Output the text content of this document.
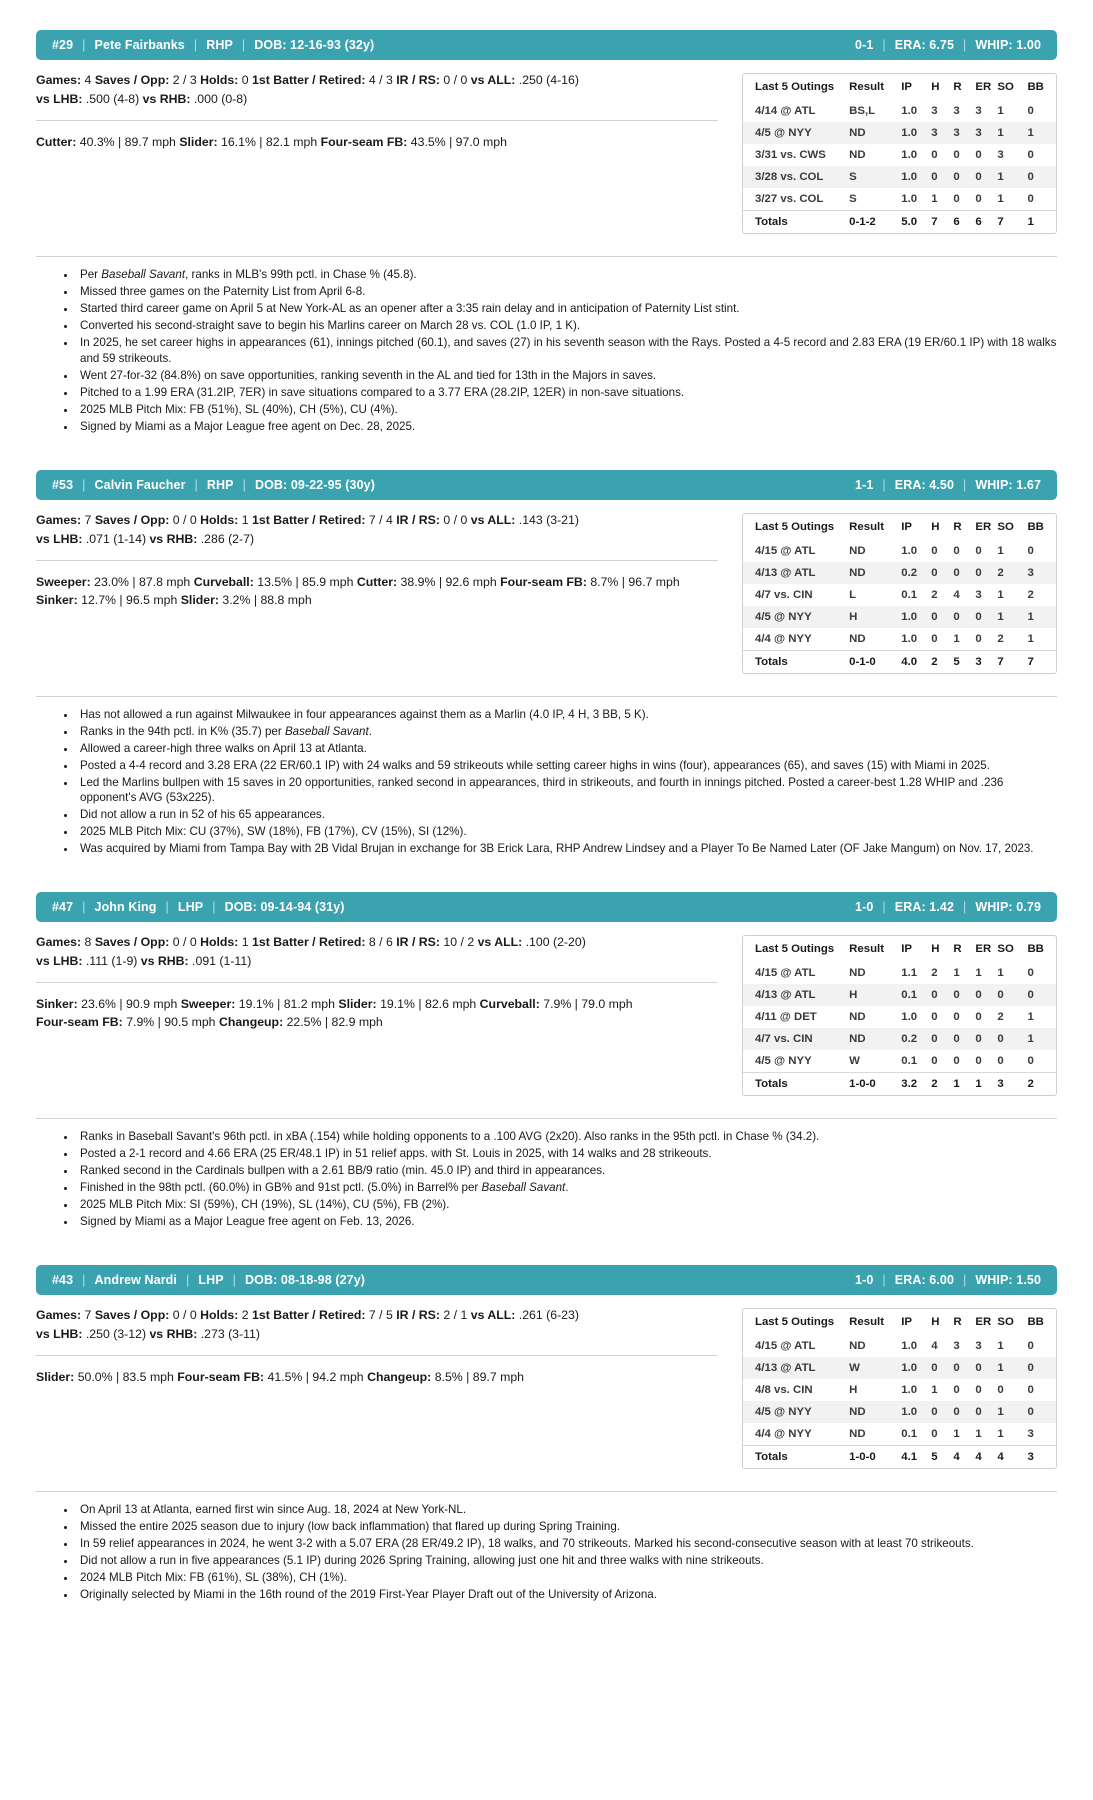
#29 | Pete Fairbanks | RHP | DOB: 12-16-93 (32y)	0-1 | ERA: 6.75 | WHIP: 1.00
Games: 4 Saves / Opp: 2 / 3 Holds: 0 1st Batter / Retired: 4 / 3 IR / RS: 0 / 0 vs ALL: .250 (4-16)
vs LHB: .500 (4-8) vs RHB: .000 (0-8)
Cutter: 40.3% | 89.7 mph Slider: 16.1% | 82.1 mph Four-seam FB: 43.5% | 97.0 mph
Last 5 Outings	Result	IP	H	R	ER	SO	BB
4/14 @ ATL	BS,L	1.0	3	3	3	1	0
4/5 @ NYY	ND	1.0	3	3	3	1	1
3/31 vs. CWS	ND	1.0	0	0	0	3	0
3/28 vs. COL	S	1.0	0	0	0	1	0
3/27 vs. COL	S	1.0	1	0	0	1	0
Totals	0-1-2	5.0	7	6	6	7	1
• Per Baseball Savant, ranks in MLB's 99th pctl. in Chase % (45.8).
• Missed three games on the Paternity List from April 6-8.
• Started third career game on April 5 at New York-AL as an opener after a 3:35 rain delay and in anticipation of Paternity List stint.
• Converted his second-straight save to begin his Marlins career on March 28 vs. COL (1.0 IP, 1 K).
• In 2025, he set career highs in appearances (61), innings pitched (60.1), and saves (27) in his seventh season with the Rays. Posted a 4-5 record and 2.83 ERA (19 ER/60.1 IP) with 18 walks and 59 strikeouts.
• Went 27-for-32 (84.8%) on save opportunities, ranking seventh in the AL and tied for 13th in the Majors in saves.
• Pitched to a 1.99 ERA (31.2IP, 7ER) in save situations compared to a 3.77 ERA (28.2IP, 12ER) in non-save situations.
• 2025 MLB Pitch Mix: FB (51%), SL (40%), CH (5%), CU (4%).
• Signed by Miami as a Major League free agent on Dec. 28, 2025.
#53 | Calvin Faucher | RHP | DOB: 09-22-95 (30y)	1-1 | ERA: 4.50 | WHIP: 1.67
Games: 7 Saves / Opp: 0 / 0 Holds: 1 1st Batter / Retired: 7 / 4 IR / RS: 0 / 0 vs ALL: .143 (3-21)
vs LHB: .071 (1-14) vs RHB: .286 (2-7)
Sweeper: 23.0% | 87.8 mph Curveball: 13.5% | 85.9 mph Cutter: 38.9% | 92.6 mph Four-seam FB: 8.7% | 96.7 mph
Sinker: 12.7% | 96.5 mph Slider: 3.2% | 88.8 mph
Last 5 Outings	Result	IP	H	R	ER	SO	BB
4/15 @ ATL	ND	1.0	0	0	0	1	0
4/13 @ ATL	ND	0.2	0	0	0	2	3
4/7 vs. CIN	L	0.1	2	4	3	1	2
4/5 @ NYY	H	1.0	0	0	0	1	1
4/4 @ NYY	ND	1.0	0	1	0	2	1
Totals	0-1-0	4.0	2	5	3	7	7
• Has not allowed a run against Milwaukee in four appearances against them as a Marlin (4.0 IP, 4 H, 3 BB, 5 K).
• Ranks in the 94th pctl. in K% (35.7) per Baseball Savant.
• Allowed a career-high three walks on April 13 at Atlanta.
• Posted a 4-4 record and 3.28 ERA (22 ER/60.1 IP) with 24 walks and 59 strikeouts while setting career highs in wins (four), appearances (65), and saves (15) with Miami in 2025.
• Led the Marlins bullpen with 15 saves in 20 opportunities, ranked second in appearances, third in strikeouts, and fourth in innings pitched. Posted a career-best 1.28 WHIP and .236 opponent's AVG (53x225).
• Did not allow a run in 52 of his 65 appearances.
• 2025 MLB Pitch Mix: CU (37%), SW (18%), FB (17%), CV (15%), SI (12%).
• Was acquired by Miami from Tampa Bay with 2B Vidal Brujan in exchange for 3B Erick Lara, RHP Andrew Lindsey and a Player To Be Named Later (OF Jake Mangum) on Nov. 17, 2023.
#47 | John King | LHP | DOB: 09-14-94 (31y)	1-0 | ERA: 1.42 | WHIP: 0.79
Games: 8 Saves / Opp: 0 / 0 Holds: 1 1st Batter / Retired: 8 / 6 IR / RS: 10 / 2 vs ALL: .100 (2-20)
vs LHB: .111 (1-9) vs RHB: .091 (1-11)
Sinker: 23.6% | 90.9 mph Sweeper: 19.1% | 81.2 mph Slider: 19.1% | 82.6 mph Curveball: 7.9% | 79.0 mph
Four-seam FB: 7.9% | 90.5 mph Changeup: 22.5% | 82.9 mph
Last 5 Outings	Result	IP	H	R	ER	SO	BB
4/15 @ ATL	ND	1.1	2	1	1	1	0
4/13 @ ATL	H	0.1	0	0	0	0	0
4/11 @ DET	ND	1.0	0	0	0	2	1
4/7 vs. CIN	ND	0.2	0	0	0	0	1
4/5 @ NYY	W	0.1	0	0	0	0	0
Totals	1-0-0	3.2	2	1	1	3	2
• Ranks in Baseball Savant's 96th pctl. in xBA (.154) while holding opponents to a .100 AVG (2x20). Also ranks in the 95th pctl. in Chase % (34.2).
• Posted a 2-1 record and 4.66 ERA (25 ER/48.1 IP) in 51 relief apps. with St. Louis in 2025, with 14 walks and 28 strikeouts.
• Ranked second in the Cardinals bullpen with a 2.61 BB/9 ratio (min. 45.0 IP) and third in appearances.
• Finished in the 98th pctl. (60.0%) in GB% and 91st pctl. (5.0%) in Barrel% per Baseball Savant.
• 2025 MLB Pitch Mix: SI (59%), CH (19%), SL (14%), CU (5%), FB (2%).
• Signed by Miami as a Major League free agent on Feb. 13, 2026.
#43 | Andrew Nardi | LHP | DOB: 08-18-98 (27y)	1-0 | ERA: 6.00 | WHIP: 1.50
Games: 7 Saves / Opp: 0 / 0 Holds: 2 1st Batter / Retired: 7 / 5 IR / RS: 2 / 1 vs ALL: .261 (6-23)
vs LHB: .250 (3-12) vs RHB: .273 (3-11)
Slider: 50.0% | 83.5 mph Four-seam FB: 41.5% | 94.2 mph Changeup: 8.5% | 89.7 mph
Last 5 Outings	Result	IP	H	R	ER	SO	BB
4/15 @ ATL	ND	1.0	4	3	3	1	0
4/13 @ ATL	W	1.0	0	0	0	1	0
4/8 vs. CIN	H	1.0	1	0	0	0	0
4/5 @ NYY	ND	1.0	0	0	0	1	0
4/4 @ NYY	ND	0.1	0	1	1	1	3
Totals	1-0-0	4.1	5	4	4	4	3
• On April 13 at Atlanta, earned first win since Aug. 18, 2024 at New York-NL.
• Missed the entire 2025 season due to injury (low back inflammation) that flared up during Spring Training.
• In 59 relief appearances in 2024, he went 3-2 with a 5.07 ERA (28 ER/49.2 IP), 18 walks, and 70 strikeouts. Marked his second-consecutive season with at least 70 strikeouts.
• Did not allow a run in five appearances (5.1 IP) during 2026 Spring Training, allowing just one hit and three walks with nine strikeouts.
• 2024 MLB Pitch Mix: FB (61%), SL (38%), CH (1%).
• Originally selected by Miami in the 16th round of the 2019 First-Year Player Draft out of the University of Arizona.
